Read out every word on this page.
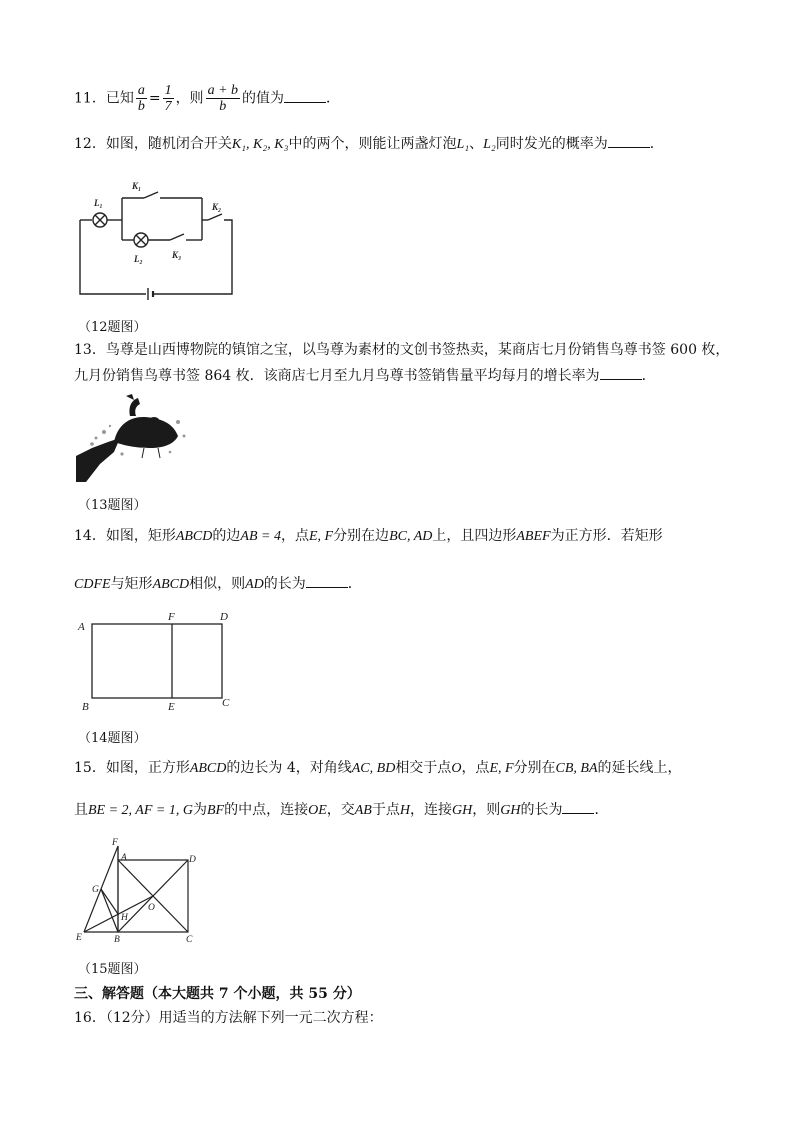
11．已知 $\frac{a}{b} = \frac{1}{7}$ ，则 $\frac{a + b}{b}$ 的值为	．
12．如图，随机闭合开关K₁, K₂, K₃中的两个，则能让两盏灯泡L₁、L₂同时发光的概率为	．
L₁
K₁
K₂
L₂	K₃
（12题图）
13．鸟尊是山西博物院的镇馆之宝，以鸟尊为素材的文创书签热卖，某商店七月份销售鸟尊书签 600 枚，
九月份销售鸟尊书签 864 枚．该商店七月至九月鸟尊书签销售量平均每月的增长率为	．
（13题图）
14．如图，矩形ABCD的边AB = 4，点E, F分别在边BC, AD上，且四边形ABEF为正方形．若矩形
CDFE与矩形ABCD相似，则AD的长为	．
A
F	D
B	E	C
（14题图）
15．如图，正方形ABCD的边长为 4，对角线AC, BD相交于点O，点E, F分别在CB, BA的延长线上，
且BE = 2, AF = 1, G为BF的中点，连接OE，交AB于点H，连接GH，则GH的长为 ．
F
A	D
G
H
O
E	B	C
（15题图）
三、解答题（本大题共 7 个小题，共 55 分）
16．（12分）用适当的方法解下列一元二次方程：
